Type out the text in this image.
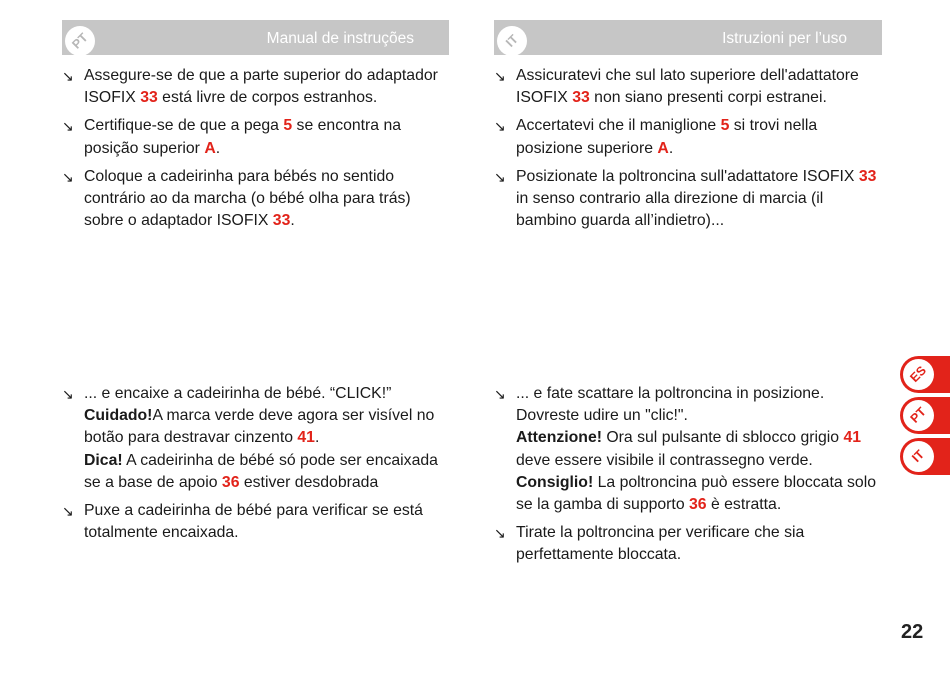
PT	Manual de instruções	IT	Istruzioni per l’uso

↘ Assegure-se de que a parte superior do adaptador ISOFIX 33 está livre de corpos estranhos.

↘ Certifique-se de que a pega 5 se encontra na posição superior A.

↘ Coloque a cadeirinha para bébés no sentido contrário ao da marcha (o bébé olha para trás) sobre o adaptador ISOFIX 33.

↘ Assicuratevi che sul lato superiore dell'adattatore ISOFIX 33 non siano presenti corpi estranei.

↘ Accertatevi che il maniglione 5 si trovi nella posizione superiore A.

↘ Posizionate la poltroncina sull'adattatore ISOFIX 33 in senso contrario alla direzione di marcia (il bambino guarda all’indietro)...

↘ ... e encaixe a cadeirinha de bébé. “CLICK!”
Cuidado!A marca verde deve agora ser visível no botão para destravar cinzento 41.
Dica! A cadeirinha de bébé só pode ser encaixada se a base de apoio 36 estiver desdobrada

↘ Puxe a cadeirinha de bébé para verificar se está totalmente encaixada.

↘ ... e fate scattare la poltroncina in posizione. Dovreste udire un "clic!".
Attenzione! Ora sul pulsante di sblocco grigio 41 deve essere visibile il contrassegno verde.
Consiglio! La poltroncina può essere bloccata solo se la gamba di supporto 36 è estratta.

↘ Tirate la poltroncina per verificare che sia perfettamente bloccata.

ES
PT
IT
22
